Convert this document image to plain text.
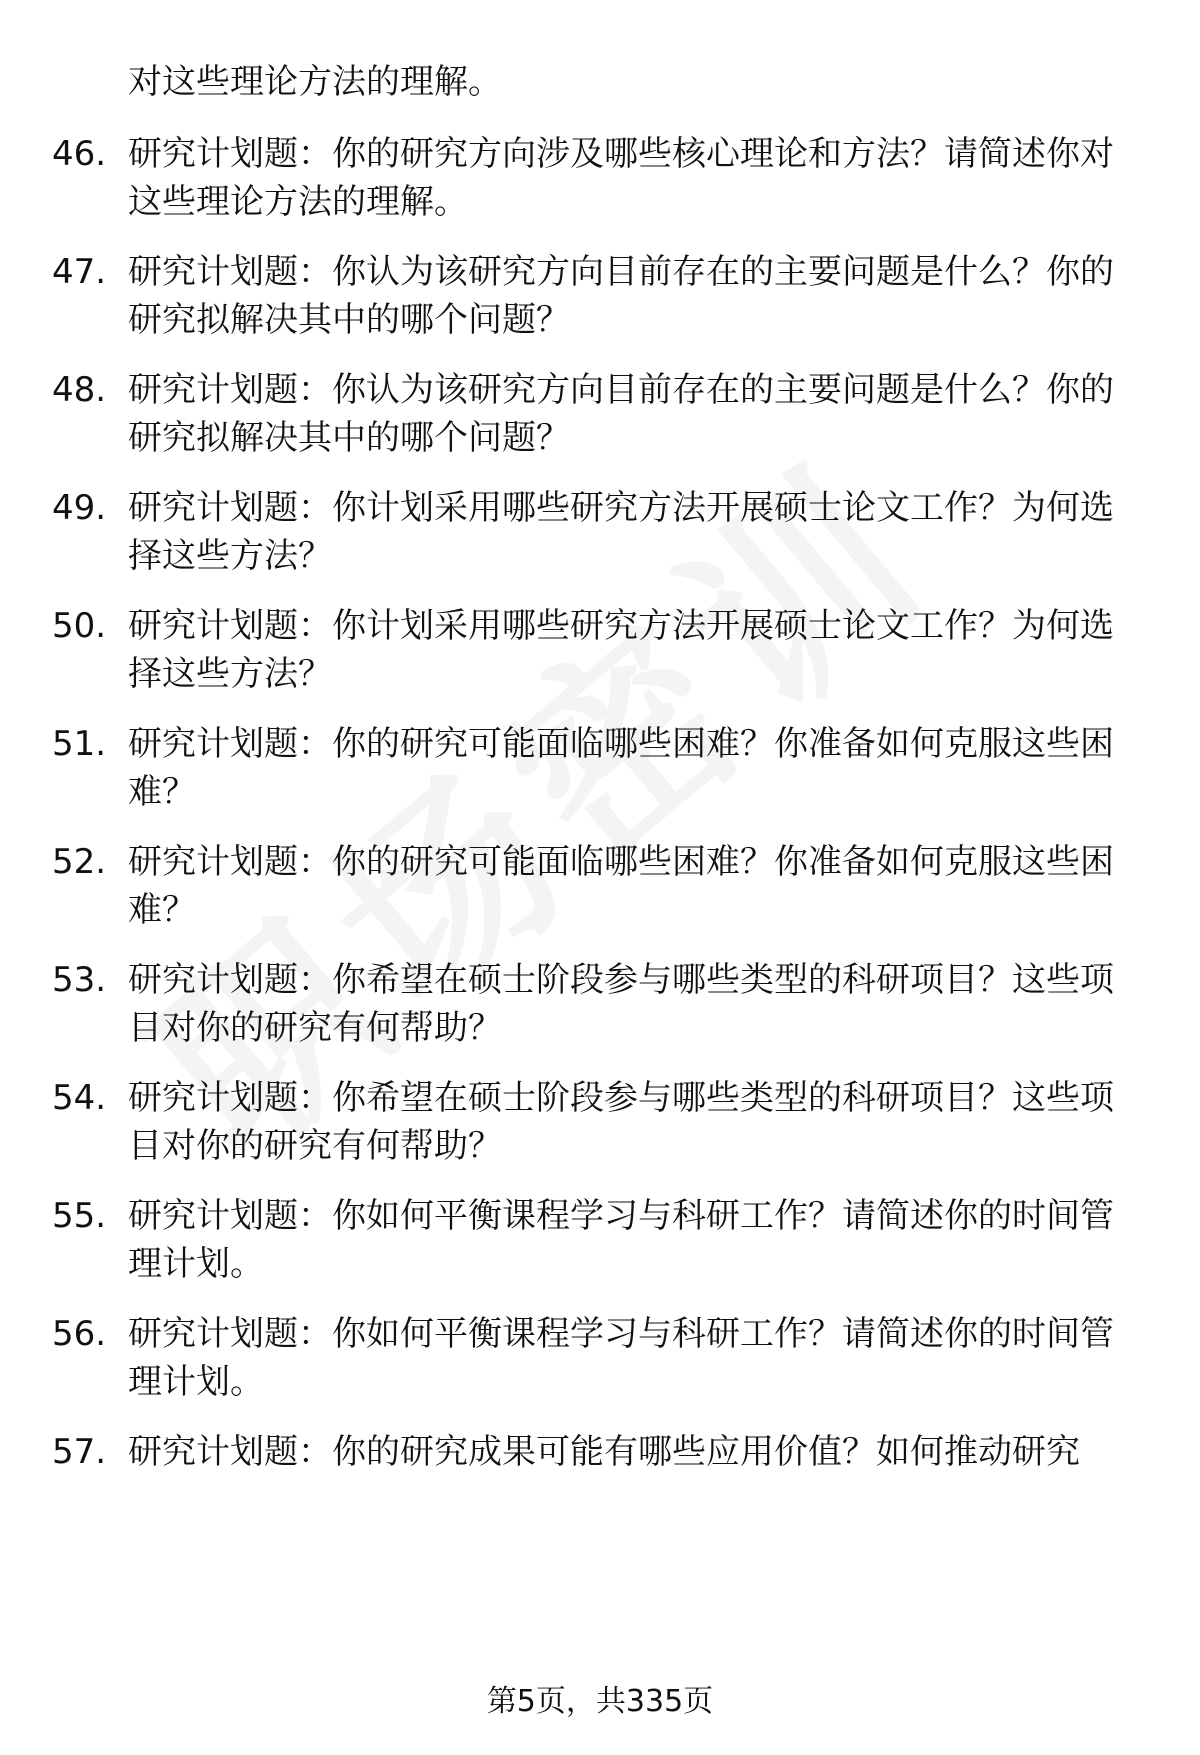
对这些理论方法的理解。
46. 研究计划题：你的研究方向涉及哪些核心理论和方法？请简述你对这些理论方法的理解。
47. 研究计划题：你认为该研究方向目前存在的主要问题是什么？你的研究拟解决其中的哪个问题？
48. 研究计划题：你认为该研究方向目前存在的主要问题是什么？你的研究拟解决其中的哪个问题？
49. 研究计划题：你计划采用哪些研究方法开展硕士论文工作？为何选择这些方法？
50. 研究计划题：你计划采用哪些研究方法开展硕士论文工作？为何选择这些方法？
51. 研究计划题：你的研究可能面临哪些困难？你准备如何克服这些困难？
52. 研究计划题：你的研究可能面临哪些困难？你准备如何克服这些困难？
53. 研究计划题：你希望在硕士阶段参与哪些类型的科研项目？这些项目对你的研究有何帮助？
54. 研究计划题：你希望在硕士阶段参与哪些类型的科研项目？这些项目对你的研究有何帮助？
55. 研究计划题：你如何平衡课程学习与科研工作？请简述你的时间管理计划。
56. 研究计划题：你如何平衡课程学习与科研工作？请简述你的时间管理计划。
57. 研究计划题：你的研究成果可能有哪些应用价值？如何推动研究
第5页，共335页
